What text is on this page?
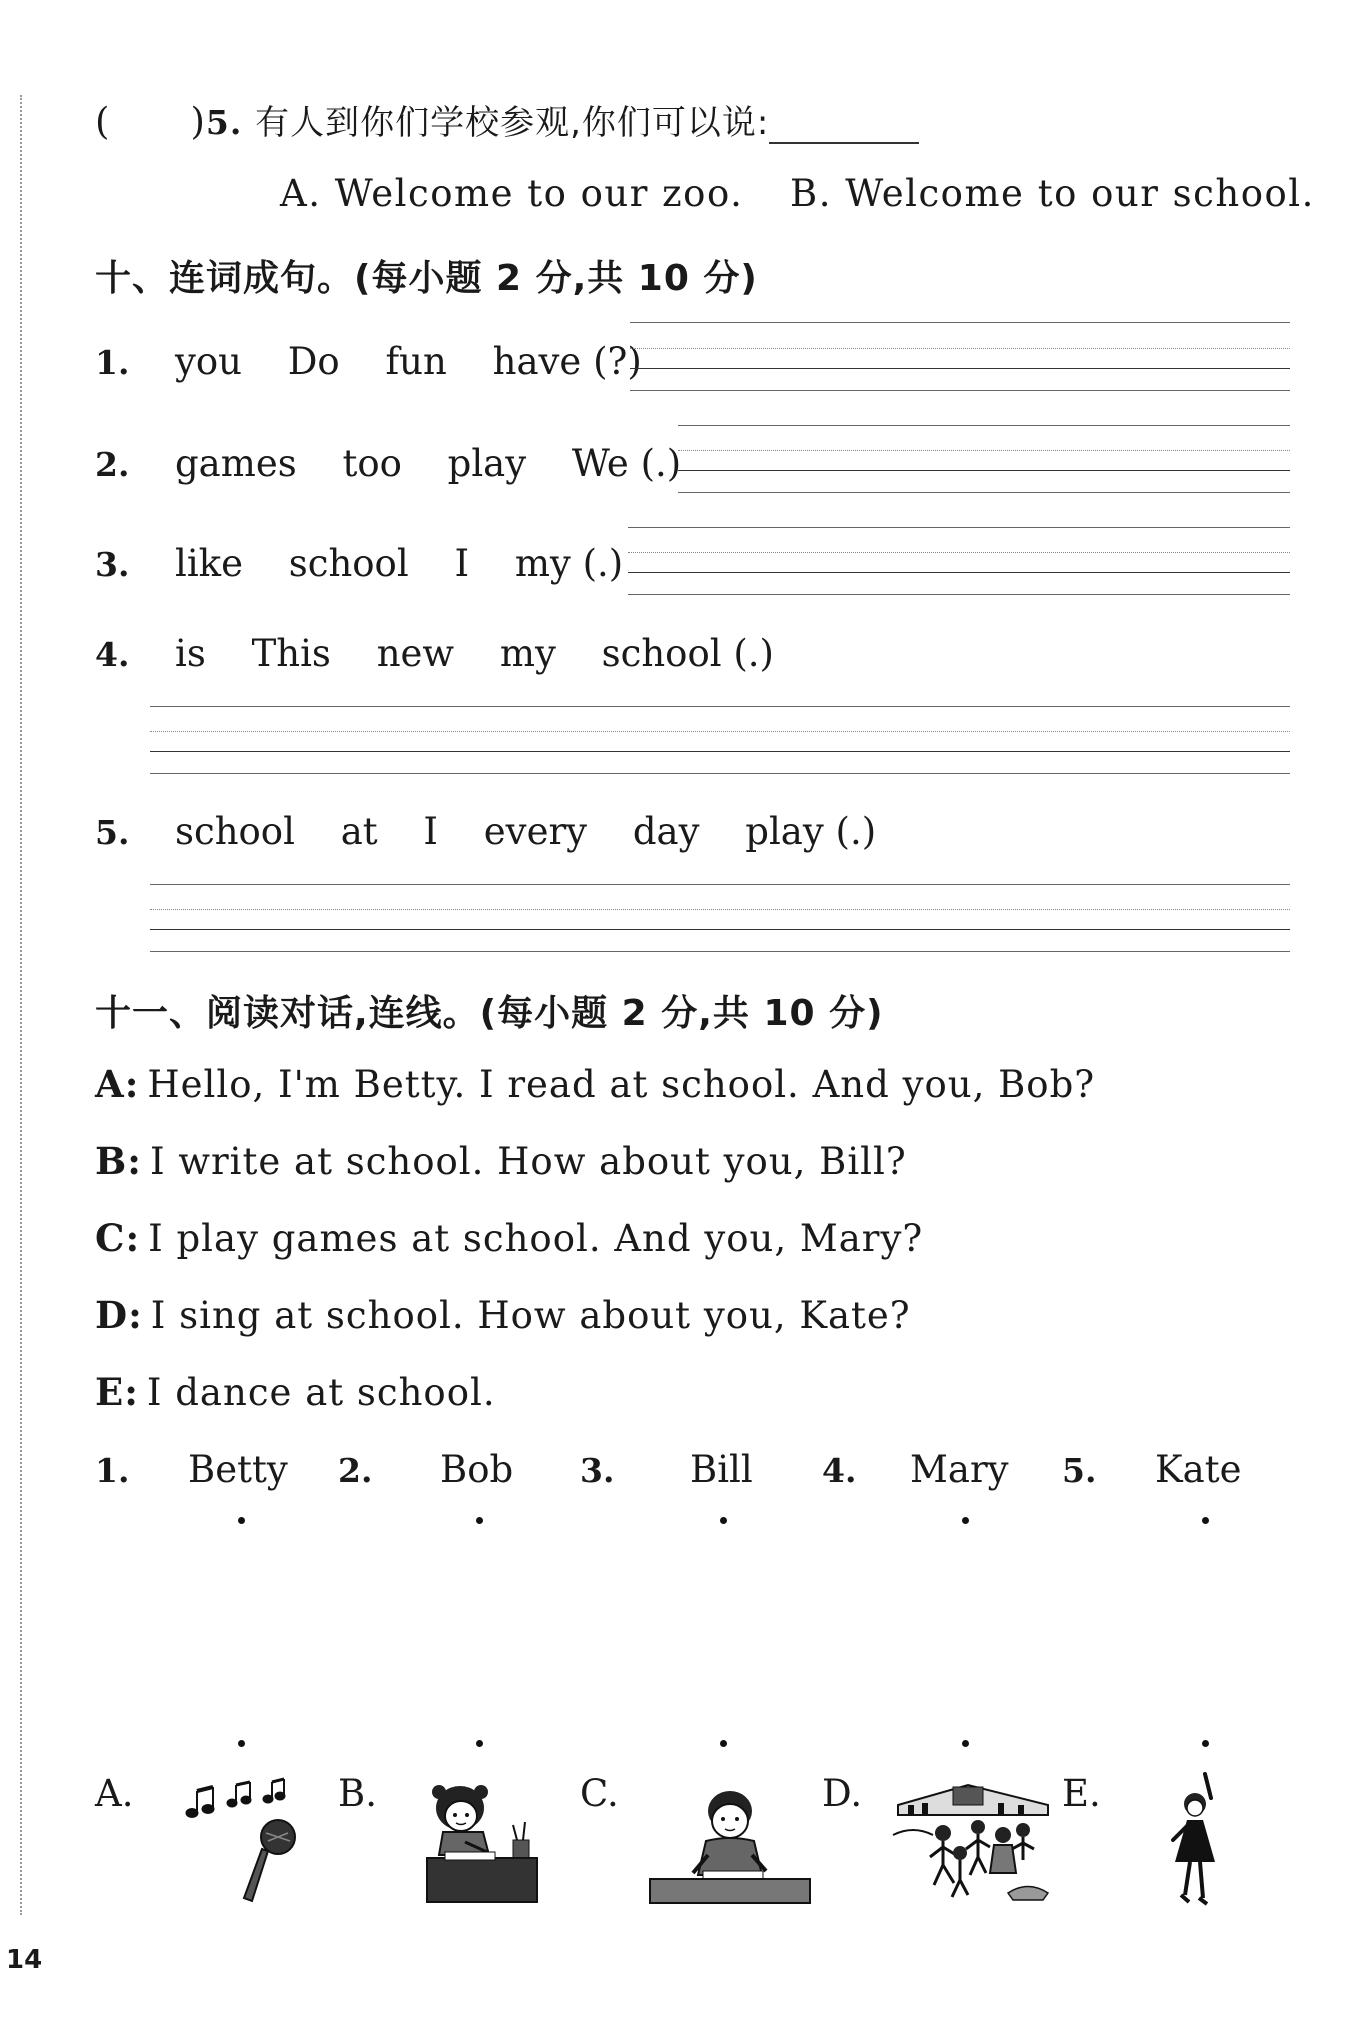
( )5. 有人到你们学校参观,你们可以说:
A. Welcome to our zoo. B. Welcome to our school.
十、连词成句。(每小题 2 分,共 10 分)
1. you Do fun have (?)
2. games too play We (.)
3. like school I my (.)
4. is This new my school (.)
5. school at I every day play (.)
十一、阅读对话,连线。(每小题 2 分,共 10 分)
A: Hello, I'm Betty. I read at school. And you, Bob?
B: I write at school. How about you, Bill?
C: I play games at school. And you, Mary?
D: I sing at school. How about you, Kate?
E: I dance at school.
1. Betty 2. Bob 3. Bill 4. Mary 5. Kate
A.	B.	C.	D.	E.
14
